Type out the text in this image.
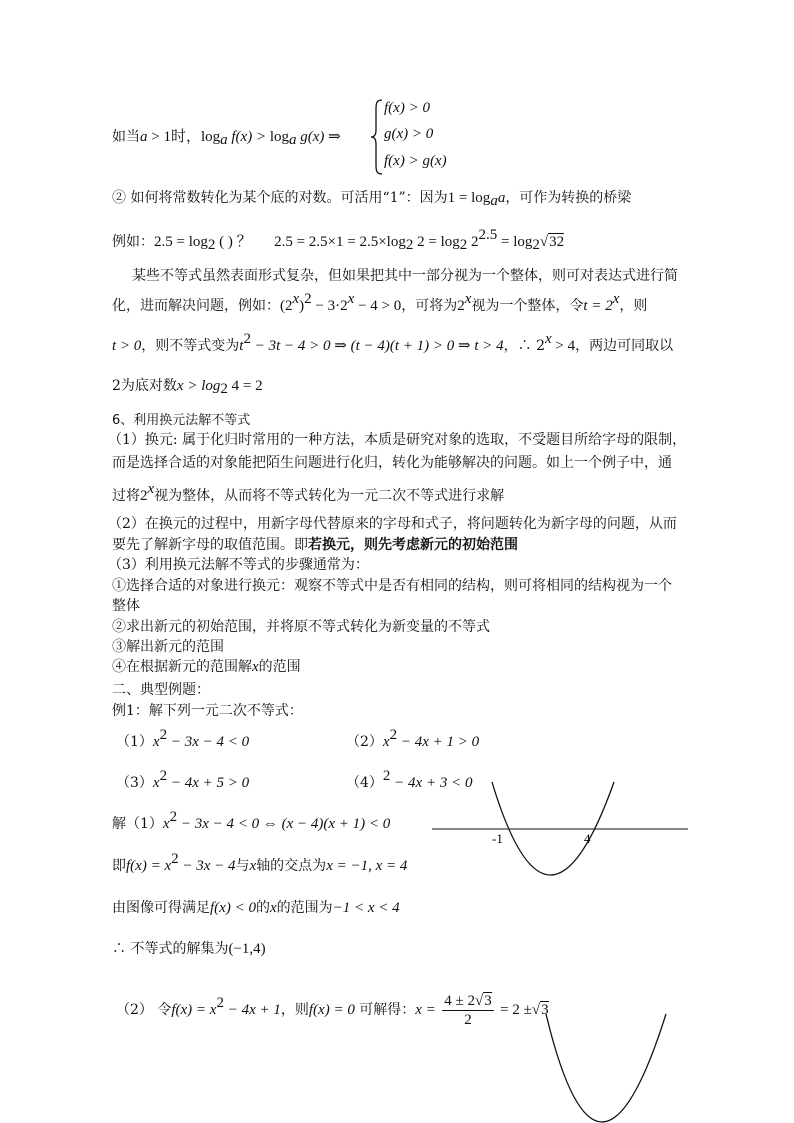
如当a > 1时，$\log_a f(x) > \log_a g(x)$ ⇒
f(x) > 0
g(x) > 0
f(x) > g(x)
② 如何将常数转化为某个底的对数。可活用“1”：因为$1 = \log_aa$，可作为转换的桥梁
例如：$2.5 = \log_2$ ( ) ？ $2.5 = 2.5\times 1 = 2.5\times\log_2$ $2 = \log_2 2^{2.5} = \log_2√32$
某些不等式虽然表面形式复杂，但如果把其中一部分视为一个整体，则可对表达式进行简
化，进而解决问题，例如：$(2^x)^2 - 3\cdot 2^x - 4 > 0$，可将为2$^x$视为一个整体，令$t = 2^x$，则
t > 0，则不等式变为$t^2 - 3t - 4 > 0$ ⇒ (t − 4)(t + 1) > 0 ⇒ t > 4，∴ $2^x > 4$，两边可同取以
2为底对数$x > \log_2 4 = 2$
6、利用换元法解不等式
（1）换元: 属于化归时常用的一种方法，本质是研究对象的选取，不受题目所给字母的限制，
而是选择合适的对象能把陌生问题进行化归，转化为能够解决的问题。如上一个例子中，通
过将2$^x$视为整体，从而将不等式转化为一元二次不等式进行求解
（2）在换元的过程中，用新字母代替原来的字母和式子，将问题转化为新字母的问题，从而
要先了解新字母的取值范围。即若换元，则先考虑新元的初始范围
（3）利用换元法解不等式的步骤通常为：
①选择合适的对象进行换元：观察不等式中是否有相同的结构，则可将相同的结构视为一个
整体
②求出新元的初始范围，并将原不等式转化为新变量的不等式
③解出新元的范围
④在根据新元的范围解x的范围
二、典型例题：
例1：解下列一元二次不等式：
$(1)x^2 - 3x - 4 < 0$	$(2)x^2 - 4x + 1 > 0$
$(3)x^2 - 4x + 5 > 0$	$(4)^2 - 4x + 3 < 0$
解$(1)x^2 - 3x - 4 < 0$ ⇔ (x − 4)(x + 1) < 0
即$f(x) = x^2 - 3x - 4$与x轴的交点为x = −1, x = 4
由图像可得满足f(x) < 0的x的范围为−1 < x < 4
∴ 不等式的解集为(−1,4)
（2） 令$f(x) = x^2 - 4x + 1$，则f(x) = 0 可解得：$x = \frac{4 \pm 2√3}{2} = 2 \pm√3$
-1	4
